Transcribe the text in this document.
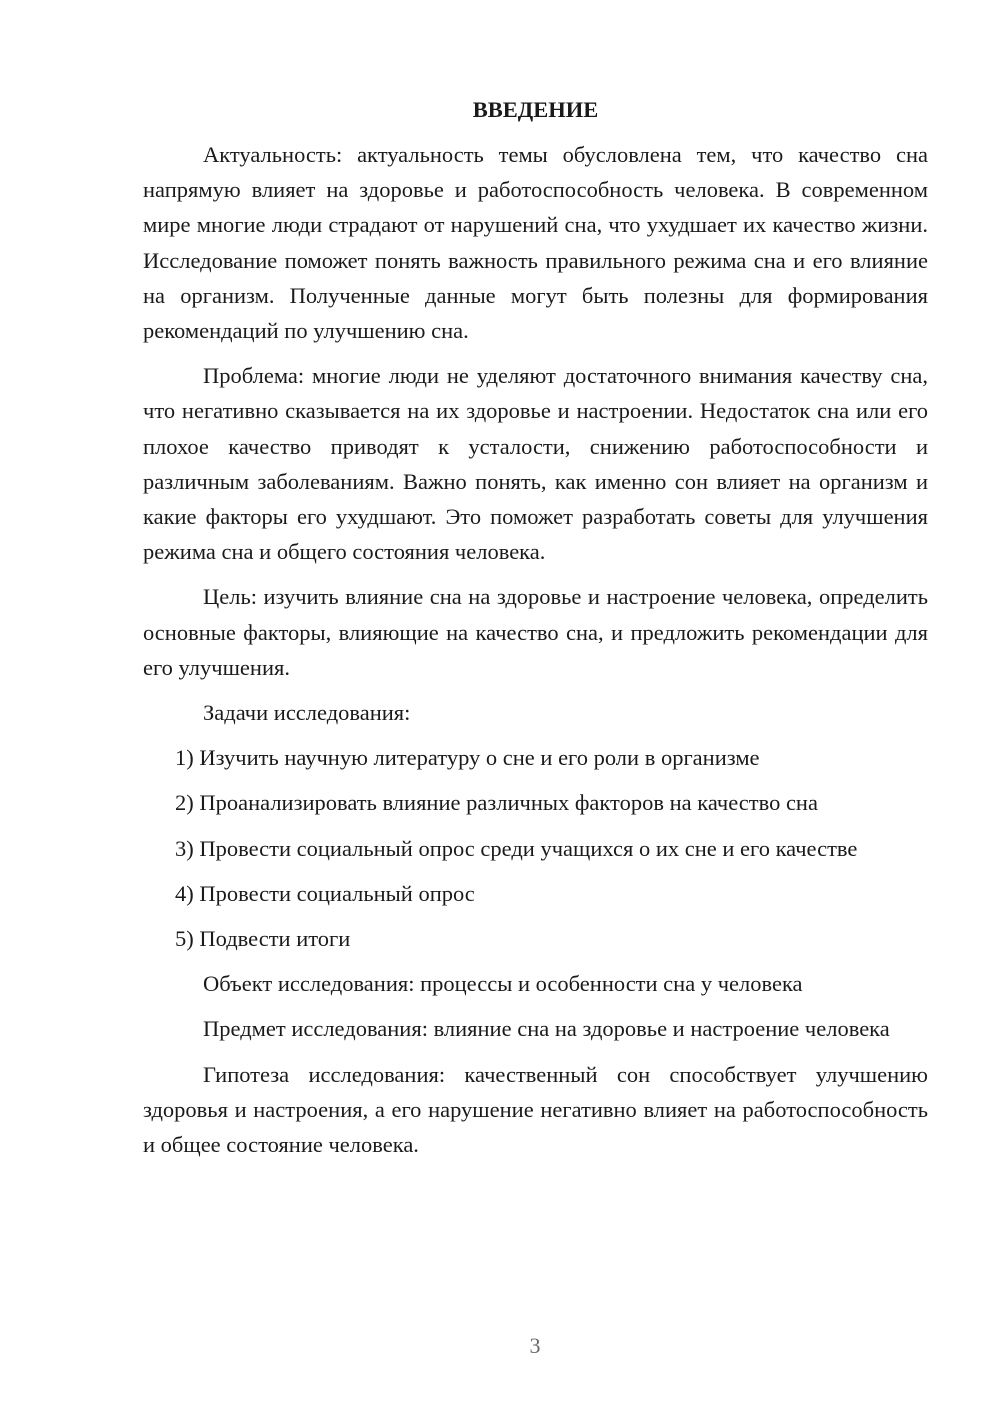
ВВЕДЕНИЕ

Актуальность: актуальность темы обусловлена тем, что качество сна напрямую влияет на здоровье и работоспособность человека. В современном мире многие люди страдают от нарушений сна, что ухудшает их качество жизни. Исследование поможет понять важность правильного режима сна и его влияние на организм. Полученные данные могут быть полезны для формирования рекомендаций по улучшению сна.

Проблема: многие люди не уделяют достаточного внимания качеству сна, что негативно сказывается на их здоровье и настроении. Недостаток сна или его плохое качество приводят к усталости, снижению работоспособности и различным заболеваниям. Важно понять, как именно сон влияет на организм и какие факторы его ухудшают. Это поможет разработать советы для улучшения режима сна и общего состояния человека.

Цель: изучить влияние сна на здоровье и настроение человека, определить основные факторы, влияющие на качество сна, и предложить рекомендации для его улучшения.

Задачи исследования:

1) Изучить научную литературу о сне и его роли в организме
2) Проанализировать влияние различных факторов на качество сна
3) Провести социальный опрос среди учащихся о их сне и его качестве
4) Провести социальный опрос
5) Подвести итоги

Объект исследования: процессы и особенности сна у человека

Предмет исследования: влияние сна на здоровье и настроение человека

Гипотеза исследования: качественный сон способствует улучшению здоровья и настроения, а его нарушение негативно влияет на работоспособность и общее состояние человека.

3
